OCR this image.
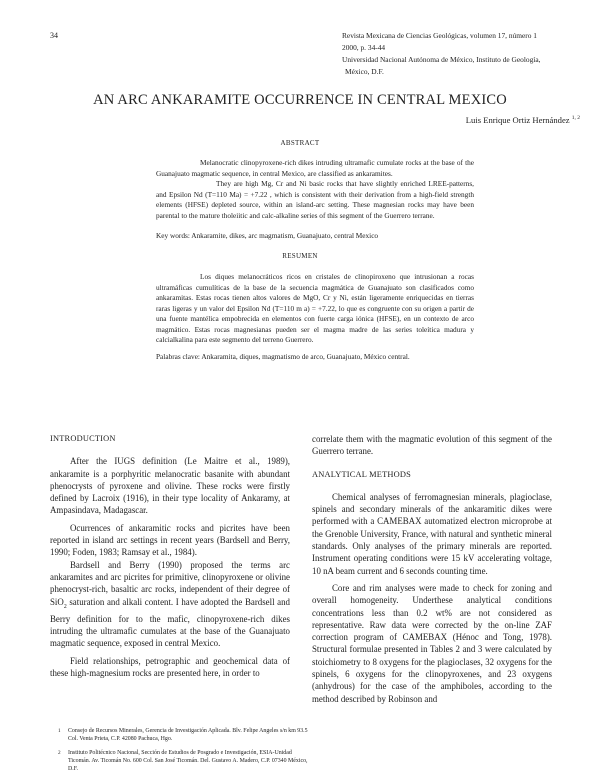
34	Revista Mexicana de Ciencias Geológicas, volumen 17, número 1
2000, p. 34-44
Universidad Nacional Autónoma de México, Instituto de Geología,
México, D.F.
AN ARC ANKARAMITE OCCURRENCE IN CENTRAL MEXICO
Luis Enrique Ortiz Hernández $^{1, 2}$
ABSTRACT

Melanocratic clinopyroxene-rich dikes intruding ultramafic cumulate rocks at the base of the Guanajuato magmatic sequence, in central Mexico, are classified as ankaramites.

They are high Mg, Cr and Ni basic rocks that have slightly enriched LREE-patterns, and Epsilon Nd (T=110 Ma) = +7.22 , which is consistent with their derivation from a high-field strength elements (HFSE) depleted source, within an island-arc setting. These magnesian rocks may have been parental to the mature tholeiitic and calc-alkaline series of this segment of the Guerrero terrane.

Key words: Ankaramite, dikes, arc magmatism, Guanajuato, central Mexico
RESUMEN

Los diques melanocráticos ricos en cristales de clinopiroxeno que intrusionan a rocas ultramáficas cumulíticas de la base de la secuencia magmática de Guanajuato son clasificados como ankaramitas. Estas rocas tienen altos valores de MgO, Cr y Ni, están ligeramente enriquecidas en tierras raras ligeras y un valor del Epsilon Nd (T=110 m a) = +7.22, lo que es congruente con su origen a partir de una fuente mantélica empobrecida en elementos con fuerte carga iónica (HFSE), en un contexto de arco magmático. Estas rocas magnesianas pueden ser el magma madre de las series toleítica madura y calcialkalina para este segmento del terreno Guerrero.

Palabras clave: Ankaramita, diques, magmatismo de arco, Guanajuato, México central.
INTRODUCTION

After the IUGS definition (Le Maitre et al., 1989), ankaramite is a porphyritic melanocratic basanite with abundant phenocrysts of pyroxene and olivine. These rocks were firstly defined by Lacroix (1916), in their type locality of Ankaramy, at Ampasindava, Madagascar.

Ocurrences of ankaramitic rocks and picrites have been reported in island arc settings in recent years (Bardsell and Berry, 1990; Foden, 1983; Ramsay et al., 1984).

Bardsell and Berry (1990) proposed the terms arc ankaramites and arc picrites for primitive, clinopyroxene or olivine phenocryst-rich, basaltic arc rocks, independent of their degree of SiO$_2$ saturation and alkali content. I have adopted the Bardsell and Berry definition for to the mafic, clinopyroxene-rich dikes intruding the ultramafic cumulates at the base of the Guanajuato magmatic sequence, exposed in central Mexico.

Field relationships, petrographic and geochemical data of these high-magnesium rocks are presented here, in order to

1	Consejo de Recursos Minerales, Gerencia de Investigación Aplicada. Blv. Felipe Angeles s/n km 93.5 Col. Venta Prieta, C.P. 42080 Pachuca, Hgo.
2	Instituto Politécnico Nacional, Sección de Estudios de Posgrado e Investigación, ESIA-Unidad Ticomán. Av. Ticomán No. 600 Col. San José Ticomán. Del. Gustavo A. Madero, C.P. 07340 México, D.F.

correlate them with the magmatic evolution of this segment of the Guerrero terrane.

ANALYTICAL METHODS

Chemical analyses of ferromagnesian minerals, plagioclase, spinels and secondary minerals of the ankaramitic dikes were performed with a CAMEBAX automatized electron microprobe at the Grenoble University, France, with natural and synthetic mineral standards. Only analyses of the primary minerals are reported. Instrument operating conditions were 15 kV accelerating voltage, 10 nA beam current and 6 seconds counting time.

Core and rim analyses were made to check for zoning and overall homogeneity. Underthese analytical conditions concentrations less than 0.2 wt% are not considered as representative. Raw data were corrected by the on-line ZAF correction program of CAMEBAX (Hénoc and Tong, 1978). Structural formulae presented in Tables 2 and 3 were calculated by stoichiometry to 8 oxygens for the plagioclases, 32 oxygens for the spinels, 6 oxygens for the clinopyroxenes, and 23 oxygens (anhydrous) for the case of the amphiboles, according to the method described by Robinson and
